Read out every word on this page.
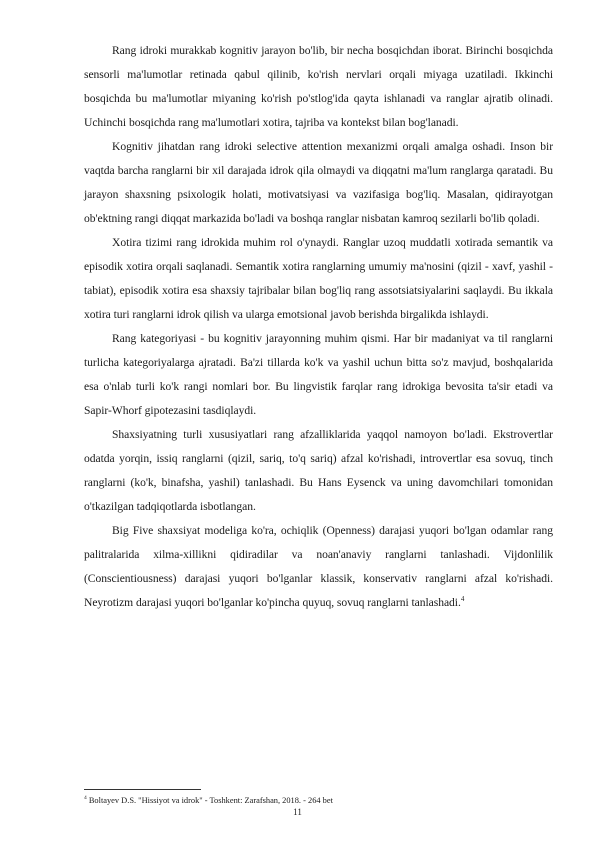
Rang idroki murakkab kognitiv jarayon bo'lib, bir necha bosqichdan iborat. Birinchi bosqichda sensorli ma'lumotlar retinada qabul qilinib, ko'rish nervlari orqali miyaga uzatiladi. Ikkinchi bosqichda bu ma'lumotlar miyaning ko'rish po'stlog'ida qayta ishlanadi va ranglar ajratib olinadi. Uchinchi bosqichda rang ma'lumotlari xotira, tajriba va kontekst bilan bog'lanadi.

Kognitiv jihatdan rang idroki selective attention mexanizmi orqali amalga oshadi. Inson bir vaqtda barcha ranglarni bir xil darajada idrok qila olmaydi va diqqatni ma'lum ranglarga qaratadi. Bu jarayon shaxsning psixologik holati, motivatsiyasi va vazifasiga bog'liq. Masalan, qidirayotgan ob'ektning rangi diqqat markazida bo'ladi va boshqa ranglar nisbatan kamroq sezilarli bo'lib qoladi.

Xotira tizimi rang idrokida muhim rol o'ynaydi. Ranglar uzoq muddatli xotirada semantik va episodik xotira orqali saqlanadi. Semantik xotira ranglarning umumiy ma'nosini (qizil - xavf, yashil - tabiat), episodik xotira esa shaxsiy tajribalar bilan bog'liq rang assotsiatsiyalarini saqlaydi. Bu ikkala xotira turi ranglarni idrok qilish va ularga emotsional javob berishda birgalikda ishlaydi.

Rang kategoriyasi - bu kognitiv jarayonning muhim qismi. Har bir madaniyat va til ranglarni turlicha kategoriyalarga ajratadi. Ba'zi tillarda ko'k va yashil uchun bitta so'z mavjud, boshqalarida esa o'nlab turli ko'k rangi nomlari bor. Bu lingvistik farqlar rang idrokiga bevosita ta'sir etadi va Sapir-Whorf gipotezasini tasdiqlaydi.

Shaxsiyatning turli xususiyatlari rang afzalliklarida yaqqol namoyon bo'ladi. Ekstrovertlar odatda yorqin, issiq ranglarni (qizil, sariq, to'q sariq) afzal ko'rishadi, introvertlar esa sovuq, tinch ranglarni (ko'k, binafsha, yashil) tanlashadi. Bu Hans Eysenck va uning davomchilari tomonidan o'tkazilgan tadqiqotlarda isbotlangan.

Big Five shaxsiyat modeliga ko'ra, ochiqlik (Openness) darajasi yuqori bo'lgan odamlar rang palitralarida xilma-xillikni qidiradilar va noan'anaviy ranglarni tanlashadi. Vijdonlilik (Conscientiousness) darajasi yuqori bo'lganlar klassik, konservativ ranglarni afzal ko'rishadi. Neyrotizm darajasi yuqori bo'lganlar ko'pincha quyuq, sovuq ranglarni tanlashadi.$^4$

$^4$ Boltayev D.S. "Hissiyot va idrok" - Toshkent: Zarafshan, 2018. - 264 bet
11
